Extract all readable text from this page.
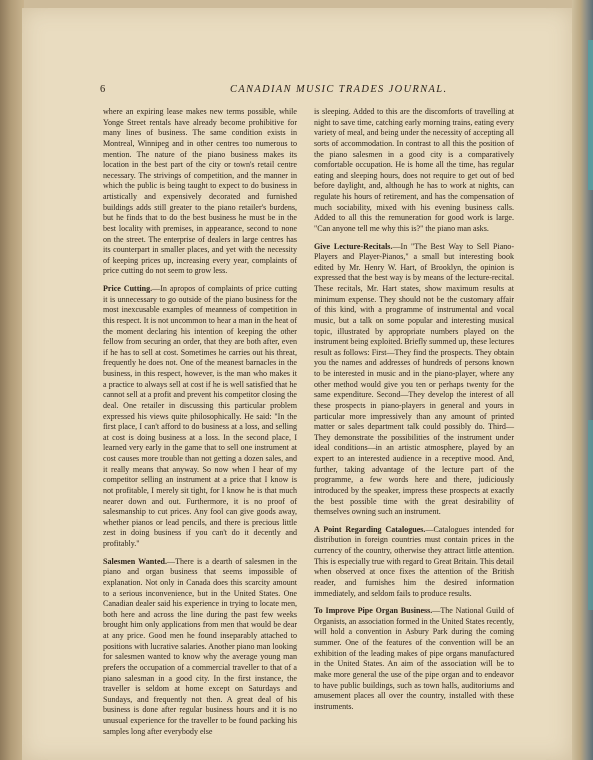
6	CANADIAN MUSIC TRADES JOURNAL.

where an expiring lease makes new terms possible, while Yonge Street rentals have already become prohibitive for many lines of business. The same condition exists in Montreal, Winnipeg and in other centres too numerous to mention. The nature of the piano business makes its location in the best part of the city or town's retail centre necessary. The strivings of competition, and the manner in which the public is being taught to expect to do business in artistically and expensively decorated and furnished buildings adds still greater to the piano retailer's burdens, but he finds that to do the best business he must be in the best locality with premises, in appearance, second to none on the street. The enterprise of dealers in large centres has its counterpart in smaller places, and yet with the necessity of keeping prices up, increasing every year, complaints of price cutting do not seem to grow less.

Price Cutting.—In apropos of complaints of price cutting it is unnecessary to go outside of the piano business for the most inexcusable examples of meanness of competition in this respect. It is not uncommon to hear a man in the heat of the moment declaring his intention of keeping the other fellow from securing an order, that they are both after, even if he has to sell at cost. Sometimes he carries out his threat, frequently he does not. One of the meanest barnacles in the business, in this respect, however, is the man who makes it a practice to always sell at cost if he is well satisfied that he cannot sell at a profit and prevent his competitor closing the deal. One retailer in discussing this particular problem expressed his views quite philosophically. He said: "In the first place, I can't afford to do business at a loss, and selling at cost is doing business at a loss. In the second place, I learned very early in the game that to sell one instrument at cost causes more trouble than not getting a dozen sales, and it really means that anyway. So now when I hear of my competitor selling an instrument at a price that I know is not profitable, I merely sit tight, for I know he is that much nearer down and out. Furthermore, it is no proof of salesmanship to cut prices. Any fool can give goods away, whether pianos or lead pencils, and there is precious little zest in doing business if you can't do it decently and profitably."

Salesmen Wanted.—There is a dearth of salesmen in the piano and organ business that seems impossible of explanation. Not only in Canada does this scarcity amount to a serious inconvenience, but in the United States. One Canadian dealer said his experience in trying to locate men, both here and across the line during the past few weeks brought him only applications from men that would be dear at any price. Good men he found inseparably attached to positions with lucrative salaries. Another piano man looking for salesmen wanted to know why the average young man prefers the occupation of a commercial traveller to that of a piano salesman in a good city. In the first instance, the traveller is seldom at home except on Saturdays and Sundays, and frequently not then. A great deal of his business is done after regular business hours and it is no unusual experience for the traveller to be found packing his samples long after everybody else

is sleeping. Added to this are the discomforts of travelling at night to save time, catching early morning trains, eating every variety of meal, and being under the necessity of accepting all sorts of accommodation. In contrast to all this the position of the piano salesmen in a good city is a comparatively comfortable occupation. He is home all the time, has regular eating and sleeping hours, does not require to get out of bed before daylight, and, although he has to work at nights, can regulate his hours of retirement, and has the compensation of much sociability, mixed with his evening business calls. Added to all this the remuneration for good work is large. "Can anyone tell me why this is?" the piano man asks.

Give Lecture-Recitals.—In "The Best Way to Sell Piano-Players and Player-Pianos," a small but interesting book edited by Mr. Henry W. Hart, of Brooklyn, the opinion is expressed that the best way is by means of the lecture-recital. These recitals, Mr. Hart states, show maximum results at minimum expense. They should not be the customary affair of this kind, with a programme of instrumental and vocal music, but a talk on some popular and interesting musical topic, illustrated by appropriate numbers played on the instrument being exploited. Briefly summed up, these lectures result as follows: First—They find the prospects. They obtain you the names and addresses of hundreds of persons known to be interested in music and in the piano-player, where any other method would give you ten or perhaps twenty for the same expenditure. Second—They develop the interest of all these prospects in piano-players in general and yours in particular more impressively than any amount of printed matter or sales department talk could possibly do. Third—They demonstrate the possibilities of the instrument under ideal conditions—in an artistic atmosphere, played by an expert to an interested audience in a receptive mood. And, further, taking advantage of the lecture part of the programme, a few words here and there, judiciously introduced by the speaker, impress these prospects at exactly the best possible time with the great desirability of themselves owning such an instrument.

A Point Regarding Catalogues.—Catalogues intended for distribution in foreign countries must contain prices in the currency of the country, otherwise they attract little attention. This is especially true with regard to Great Britain. This detail when observed at once fixes the attention of the British reader, and furnishes him the desired information immediately, and seldom fails to produce results.

To Improve Pipe Organ Business.—The National Guild of Organists, an association formed in the United States recently, will hold a convention in Asbury Park during the coming summer. One of the features of the convention will be an exhibition of the leading makes of pipe organs manufactured in the United States. An aim of the association will be to make more general the use of the pipe organ and to endeavor to have public buildings, such as town halls, auditoriums and amusement places all over the country, installed with these instruments.
